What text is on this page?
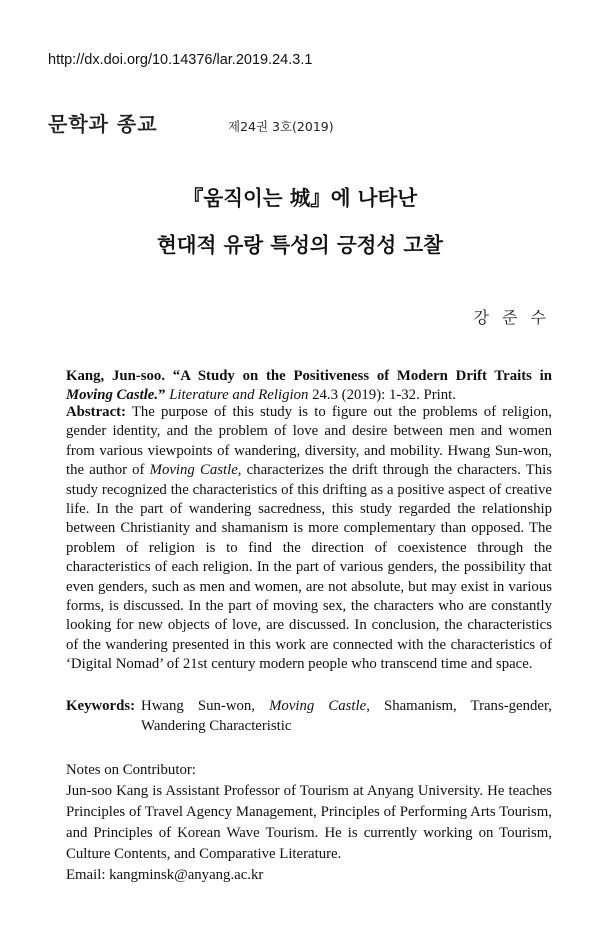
http://dx.doi.org/10.14376/lar.2019.24.3.1
문학과 종교	제24권 3호(2019)
『움직이는 城』에 나타난
현대적 유랑 특성의 긍정성 고찰
강 준 수
Kang, Jun-soo. “A Study on the Positiveness of Modern Drift Traits in Moving Castle.” Literature and Religion 24.3 (2019): 1-32. Print.
Abstract: The purpose of this study is to figure out the problems of religion, gender identity, and the problem of love and desire between men and women from various viewpoints of wandering, diversity, and mobility. Hwang Sun-won, the author of Moving Castle, characterizes the drift through the characters. This study recognized the characteristics of this drifting as a positive aspect of creative life. In the part of wandering sacredness, this study regarded the relationship between Christianity and shamanism is more complementary than opposed. The problem of religion is to find the direction of coexistence through the characteristics of each religion. In the part of various genders, the possibility that even genders, such as men and women, are not absolute, but may exist in various forms, is discussed. In the part of moving sex, the characters who are constantly looking for new objects of love, are discussed. In conclusion, the characteristics of the wandering presented in this work are connected with the characteristics of ‘Digital Nomad’ of 21st century modern people who transcend time and space.
Keywords: Hwang Sun-won, Moving Castle, Shamanism, Trans-gender, Wandering Characteristic

Notes on Contributor:

Jun-soo Kang is Assistant Professor of Tourism at Anyang University. He teaches Principles of Travel Agency Management, Principles of Performing Arts Tourism, and Principles of Korean Wave Tourism. He is currently working on Tourism, Culture Contents, and Comparative Literature.

Email: kangminsk@anyang.ac.kr
